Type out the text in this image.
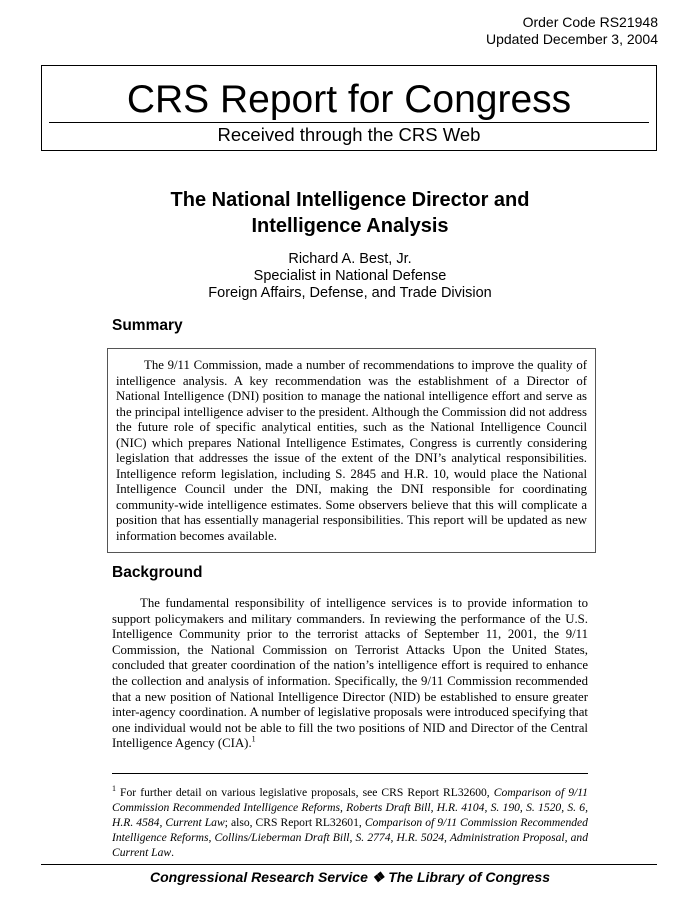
Order Code RS21948
Updated December 3, 2004
CRS Report for Congress
Received through the CRS Web
The National Intelligence Director and
Intelligence Analysis
Richard A. Best, Jr.
Specialist in National Defense
Foreign Affairs, Defense, and Trade Division
Summary

The 9/11 Commission, made a number of recommendations to improve the quality of intelligence analysis. A key recommendation was the establishment of a Director of National Intelligence (DNI) position to manage the national intelligence effort and serve as the principal intelligence adviser to the president. Although the Commission did not address the future role of specific analytical entities, such as the National Intelligence Council (NIC) which prepares National Intelligence Estimates, Congress is currently considering legislation that addresses the issue of the extent of the DNI’s analytical responsibilities. Intelligence reform legislation, including S. 2845 and H.R. 10, would place the National Intelligence Council under the DNI, making the DNI responsible for coordinating community-wide intelligence estimates. Some observers believe that this will complicate a position that has essentially managerial responsibilities. This report will be updated as new information becomes available.

Background

The fundamental responsibility of intelligence services is to provide information to support policymakers and military commanders. In reviewing the performance of the U.S. Intelligence Community prior to the terrorist attacks of September 11, 2001, the 9/11 Commission, the National Commission on Terrorist Attacks Upon the United States, concluded that greater coordination of the nation’s intelligence effort is required to enhance the collection and analysis of information. Specifically, the 9/11 Commission recommended that a new position of National Intelligence Director (NID) be established to ensure greater inter-agency coordination. A number of legislative proposals were introduced specifying that one individual would not be able to fill the two positions of NID and Director of the Central Intelligence Agency (CIA).$^1$

$^1$ For further detail on various legislative proposals, see CRS Report RL32600, Comparison of 9/11 Commission Recommended Intelligence Reforms, Roberts Draft Bill, H.R. 4104, S. 190, S. 1520, S. 6, H.R. 4584, Current Law; also, CRS Report RL32601, Comparison of 9/11 Commission Recommended Intelligence Reforms, Collins/Lieberman Draft Bill, S. 2774, H.R. 5024, Administration Proposal, and Current Law.

Congressional Research Service ❖ The Library of Congress
